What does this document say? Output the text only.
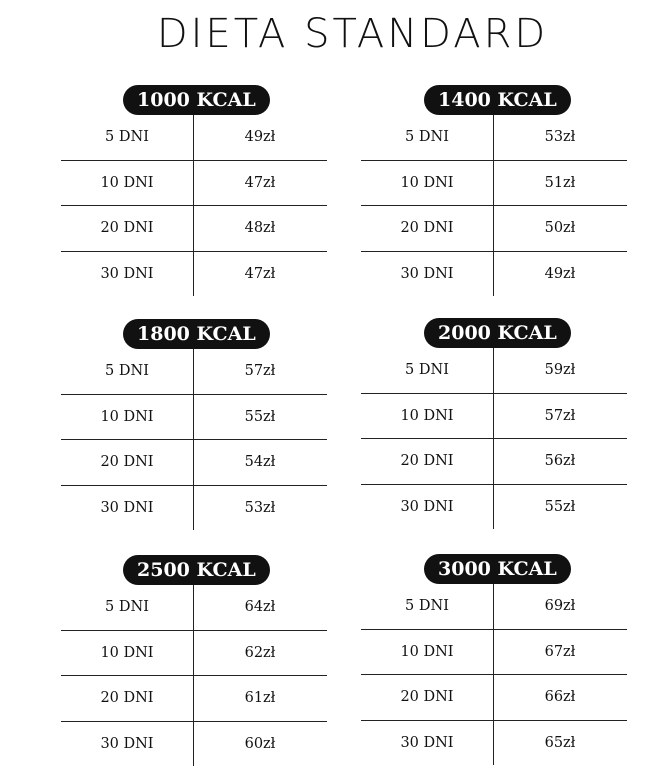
DIETA STANDARD
1000 KCAL
5 DNI	49zł
10 DNI	47zł
20 DNI	48zł
30 DNI	47zł
1400 KCAL
5 DNI	53zł
10 DNI	51zł
20 DNI	50zł
30 DNI	49zł
1800 KCAL
5 DNI	57zł
10 DNI	55zł
20 DNI	54zł
30 DNI	53zł
2000 KCAL
5 DNI	59zł
10 DNI	57zł
20 DNI	56zł
30 DNI	55zł
2500 KCAL
5 DNI	64zł
10 DNI	62zł
20 DNI	61zł
30 DNI	60zł
3000 KCAL
5 DNI	69zł
10 DNI	67zł
20 DNI	66zł
30 DNI	65zł
